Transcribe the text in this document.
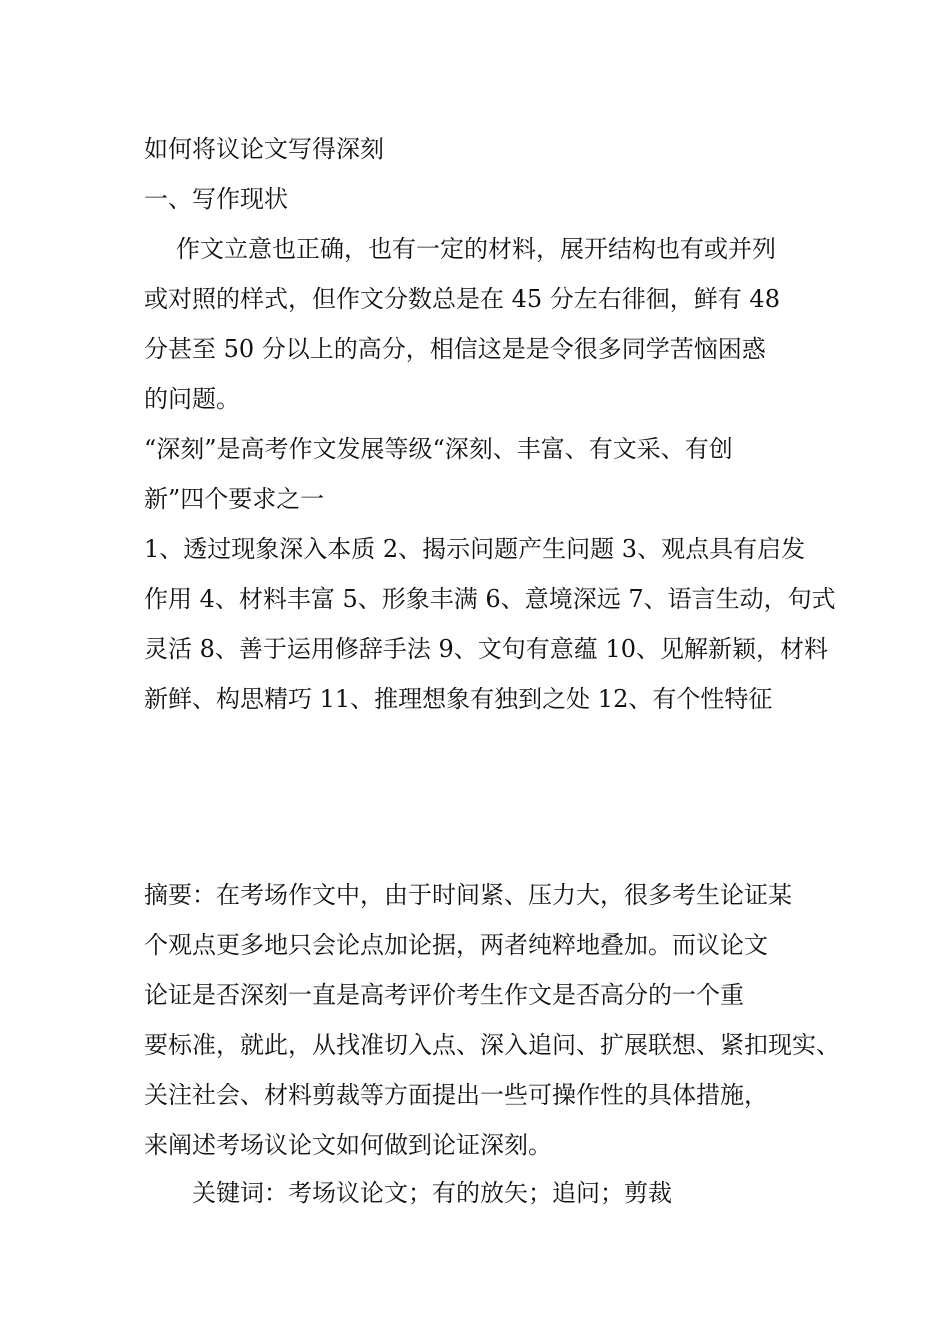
如何将议论文写得深刻

一、写作现状

作文立意也正确，也有一定的材料，展开结构也有或并列
或对照的样式，但作文分数总是在 45 分左右徘徊，鲜有 48
分甚至 50 分以上的高分，相信这是是令很多同学苦恼困惑
的问题。

“深刻”是高考作文发展等级“深刻、丰富、有文采、有创
新”四个要求之一

1、透过现象深入本质 2、揭示问题产生问题 3、观点具有启发
作用 4、材料丰富 5、形象丰满 6、意境深远 7、语言生动，句式
灵活 8、善于运用修辞手法 9、文句有意蕴 10、见解新颖，材料
新鲜、构思精巧 11、推理想象有独到之处 12、有个性特征

摘要：在考场作文中，由于时间紧、压力大，很多考生论证某
个观点更多地只会论点加论据，两者纯粹地叠加。而议论文
论证是否深刻一直是高考评价考生作文是否高分的一个重
要标准，就此，从找准切入点、深入追问、扩展联想、紧扣现实、
关注社会、材料剪裁等方面提出一些可操作性的具体措施，
来阐述考场议论文如何做到论证深刻。

关键词：考场议论文；有的放矢；追问；剪裁
